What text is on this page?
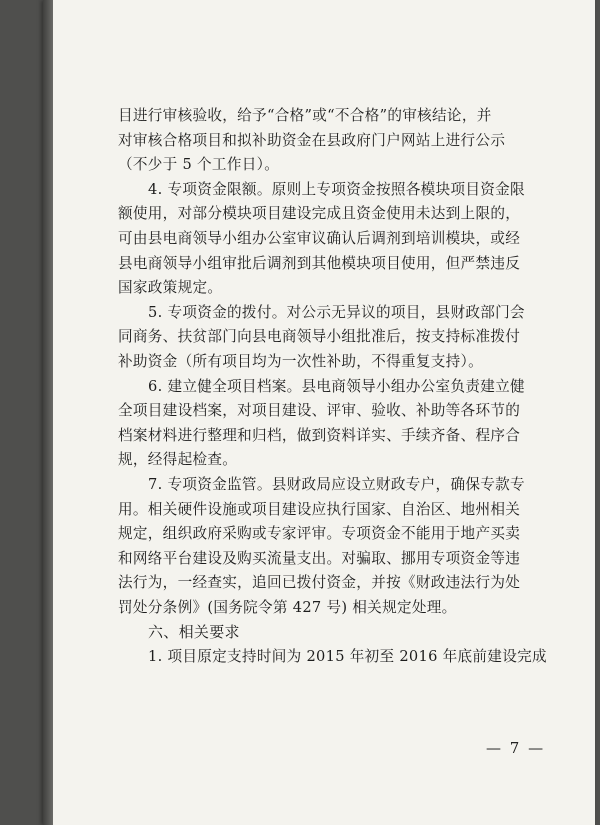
目进行审核验收，给予“合格”或“不合格”的审核结论，并
对审核合格项目和拟补助资金在县政府门户网站上进行公示
（不少于 5 个工作日）。
4. 专项资金限额。原则上专项资金按照各模块项目资金限
额使用，对部分模块项目建设完成且资金使用未达到上限的，
可由县电商领导小组办公室审议确认后调剂到培训模块，或经
县电商领导小组审批后调剂到其他模块项目使用，但严禁违反
国家政策规定。
5. 专项资金的拨付。对公示无异议的项目，县财政部门会
同商务、扶贫部门向县电商领导小组批准后，按支持标准拨付
补助资金（所有项目均为一次性补助，不得重复支持）。
6. 建立健全项目档案。县电商领导小组办公室负责建立健
全项目建设档案，对项目建设、评审、验收、补助等各环节的
档案材料进行整理和归档，做到资料详实、手续齐备、程序合
规，经得起检查。
7. 专项资金监管。县财政局应设立财政专户，确保专款专
用。相关硬件设施或项目建设应执行国家、自治区、地州相关
规定，组织政府采购或专家评审。专项资金不能用于地产买卖
和网络平台建设及购买流量支出。对骗取、挪用专项资金等违
法行为，一经查实，追回已拨付资金，并按《财政违法行为处
罚处分条例》(国务院令第 427 号) 相关规定处理。
六、相关要求
1. 项目原定支持时间为 2015 年初至 2016 年底前建设完成
— 7 —
